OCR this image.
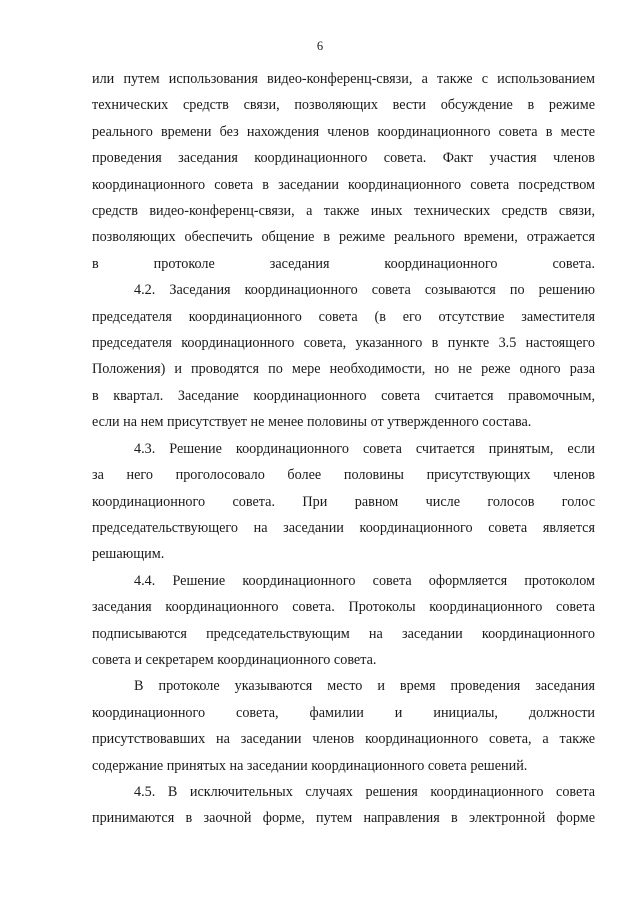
6
или путем использования видео-конференц-связи, а также с использованием
технических средств связи, позволяющих вести обсуждение в режиме
реального времени без нахождения членов координационного совета в месте
проведения заседания координационного совета. Факт участия членов
координационного совета в заседании координационного совета посредством
средств видео-конференц-связи, а также иных технических средств связи,
позволяющих обеспечить общение в режиме реального времени, отражается
в протоколе заседания координационного совета.
4.2. Заседания координационного совета созываются по решению
председателя координационного совета (в его отсутствие заместителя
председателя координационного совета, указанного в пункте 3.5 настоящего
Положения) и проводятся по мере необходимости, но не реже одного раза
в квартал. Заседание координационного совета считается правомочным,
если на нем присутствует не менее половины от утвержденного состава.
4.3. Решение координационного совета считается принятым, если
за него проголосовало более половины присутствующих членов
координационного совета. При равном числе голосов голос
председательствующего на заседании координационного совета является
решающим.
4.4. Решение координационного совета оформляется протоколом
заседания координационного совета. Протоколы координационного совета
подписываются председательствующим на заседании координационного
совета и секретарем координационного совета.
В протоколе указываются место и время проведения заседания
координационного совета, фамилии и инициалы, должности
присутствовавших на заседании членов координационного совета, а также
содержание принятых на заседании координационного совета решений.
4.5. В исключительных случаях решения координационного совета
принимаются в заочной форме, путем направления в электронной форме
